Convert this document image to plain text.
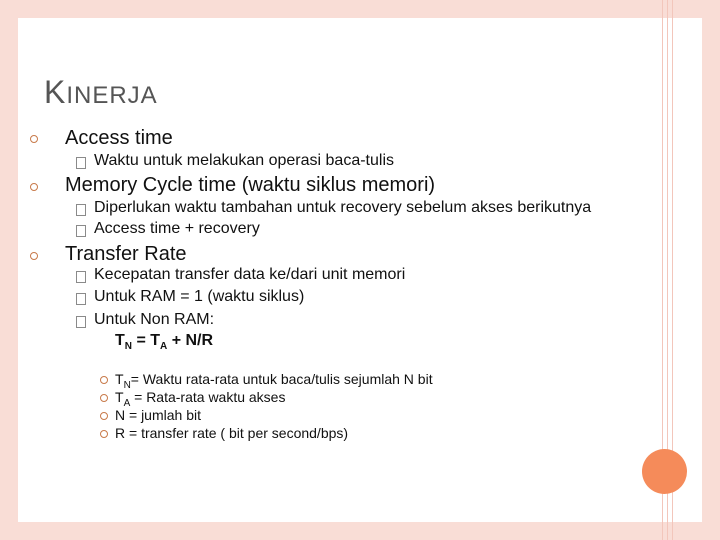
KINERJA
Access time
Waktu untuk melakukan operasi baca-tulis
Memory Cycle time (waktu siklus memori)
Diperlukan waktu tambahan untuk recovery sebelum akses berikutnya
Access time + recovery
Transfer Rate
Kecepatan transfer data ke/dari unit memori
Untuk RAM = 1 (waktu siklus)
Untuk Non RAM:
$T_N = T_A + N/R$
$T_N=$ Waktu rata-rata untuk baca/tulis sejumlah N bit
$T_A$ = Rata-rata waktu akses
N = jumlah bit
R = transfer rate ( bit per second/bps)
